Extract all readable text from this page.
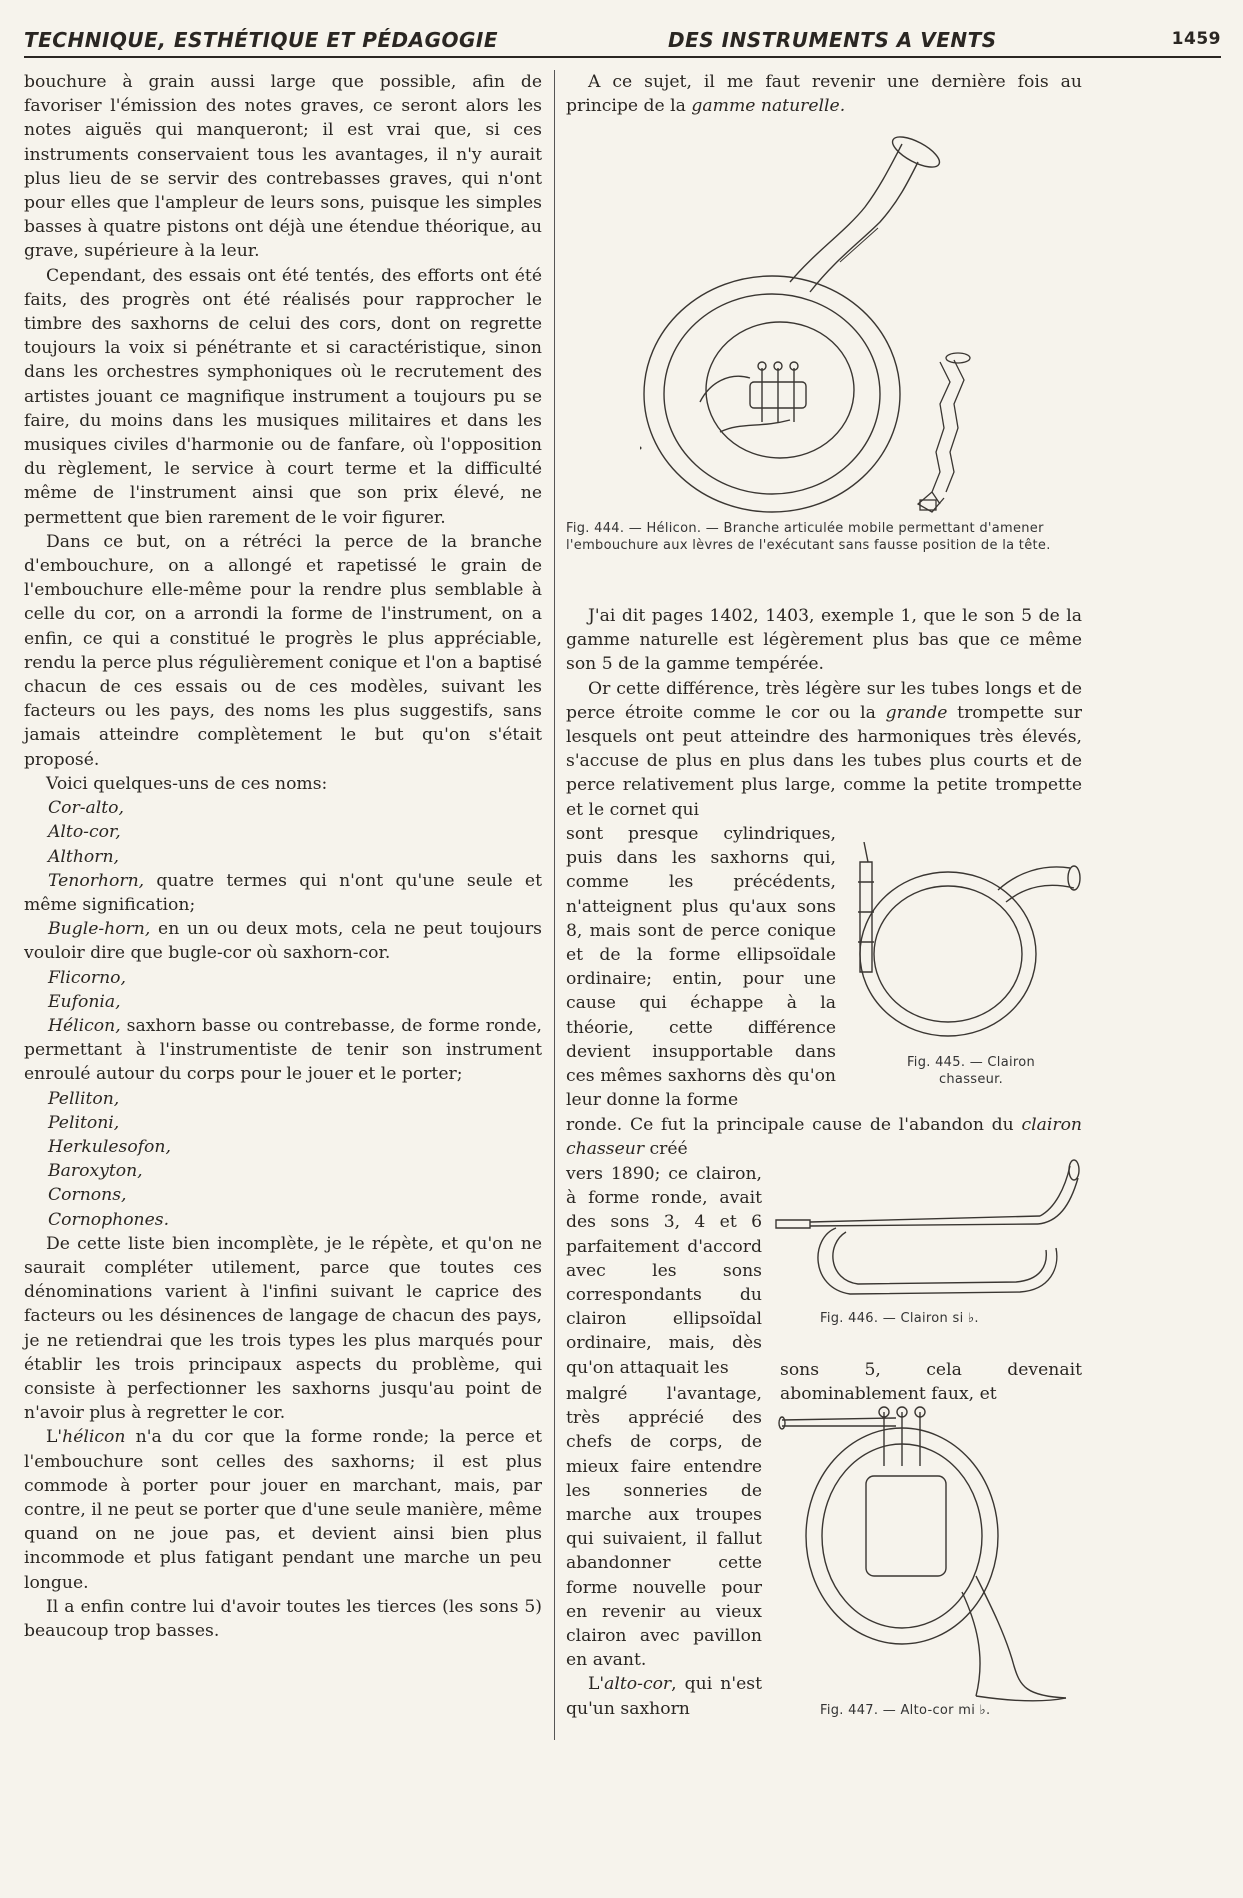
TECHNIQUE, ESTHÉTIQUE ET PÉDAGOGIE	DES INSTRUMENTS A VENTS	1459

bouchure à grain aussi large que possible, afin de favoriser l'émission des notes graves, ce seront alors les notes aiguës qui manqueront; il est vrai que, si ces instruments conservaient tous les avantages, il n'y aurait plus lieu de se servir des contrebasses graves, qui n'ont pour elles que l'ampleur de leurs sons, puisque les simples basses à quatre pistons ont déjà une étendue théorique, au grave, supérieure à la leur.

Cependant, des essais ont été tentés, des efforts ont été faits, des progrès ont été réalisés pour rapprocher le timbre des saxhorns de celui des cors, dont on regrette toujours la voix si pénétrante et si caractéristique, sinon dans les orchestres symphoniques où le recrutement des artistes jouant ce magnifique instrument a toujours pu se faire, du moins dans les musiques militaires et dans les musiques civiles d'harmonie ou de fanfare, où l'opposition du règlement, le service à court terme et la difficulté même de l'instrument ainsi que son prix élevé, ne permettent que bien rarement de le voir figurer.

Dans ce but, on a rétréci la perce de la branche d'embouchure, on a allongé et rapetissé le grain de l'embouchure elle-même pour la rendre plus semblable à celle du cor, on a arrondi la forme de l'instrument, on a enfin, ce qui a constitué le progrès le plus appréciable, rendu la perce plus régulièrement conique et l'on a baptisé chacun de ces essais ou de ces modèles, suivant les facteurs ou les pays, des noms les plus suggestifs, sans jamais atteindre complètement le but qu'on s'était proposé.

Voici quelques-uns de ces noms:

Cor-alto,

Alto-cor,

Althorn,

Tenorhorn, quatre termes qui n'ont qu'une seule et même signification;

Bugle-horn, en un ou deux mots, cela ne peut toujours vouloir dire que bugle-cor où saxhorn-cor.

Flicorno,

Eufonia,

Hélicon, saxhorn basse ou contrebasse, de forme ronde, permettant à l'instrumentiste de tenir son instrument enroulé autour du corps pour le jouer et le porter;

Pelliton,

Pelitoni,

Herkulesofon,

Baroxyton,

Cornons,

Cornophones.

De cette liste bien incomplète, je le répète, et qu'on ne saurait compléter utilement, parce que toutes ces dénominations varient à l'infini suivant le caprice des facteurs ou les désinences de langage de chacun des pays, je ne retiendrai que les trois types les plus marqués pour établir les trois principaux aspects du problème, qui consiste à perfectionner les saxhorns jusqu'au point de n'avoir plus à regretter le cor.

L'hélicon n'a du cor que la forme ronde; la perce et l'embouchure sont celles des saxhorns; il est plus commode à porter pour jouer en marchant, mais, par contre, il ne peut se porter que d'une seule manière, même quand on ne joue pas, et devient ainsi bien plus incommode et plus fatigant pendant une marche un peu longue.

Il a enfin contre lui d'avoir toutes les tierces (les sons 5) beaucoup trop basses.

A ce sujet, il me faut revenir une dernière fois au principe de la gamme naturelle.

Fig. 444. — Hélicon. — Branche articulée mobile permettant d'amener l'embouchure aux lèvres de l'exécutant sans fausse position de la tête.

J'ai dit pages 1402, 1403, exemple 1, que le son 5 de la gamme naturelle est légèrement plus bas que ce même son 5 de la gamme tempérée.

Or cette différence, très légère sur les tubes longs et de perce étroite comme le cor ou la grande trompette sur lesquels ont peut atteindre des harmoniques très élevés, s'accuse de plus en plus dans les tubes plus courts et de perce relativement plus large, comme la petite trompette et le cornet qui

sont presque cylindriques, puis dans les saxhorns qui, comme les précédents, n'atteignent plus qu'aux sons 8, mais sont de perce conique et de la forme ellipsoïdale ordinaire; entin, pour une cause qui échappe à la théorie, cette différence devient insupportable dans ces mêmes saxhorns dès qu'on leur donne la forme

Fig. 445. — Clairon chasseur.

ronde. Ce fut la principale cause de l'abandon du clairon chasseur créé

vers 1890; ce clairon, à forme ronde, avait des sons 3, 4 et 6 parfaitement d'accord avec les sons correspondants du clairon ellipsoïdal ordinaire, mais, dès qu'on attaquait les

Fig. 446. — Clairon si ♭.

sons 5, cela devenait abominablement faux, et

malgré l'avantage, très apprécié des chefs de corps, de mieux faire entendre les sonneries de marche aux troupes qui suivaient, il fallut abandonner cette forme nouvelle pour en revenir au vieux clairon avec pavillon en avant.

L'alto-cor, qui n'est qu'un saxhorn	Fig. 447. — Alto-cor mi ♭.
